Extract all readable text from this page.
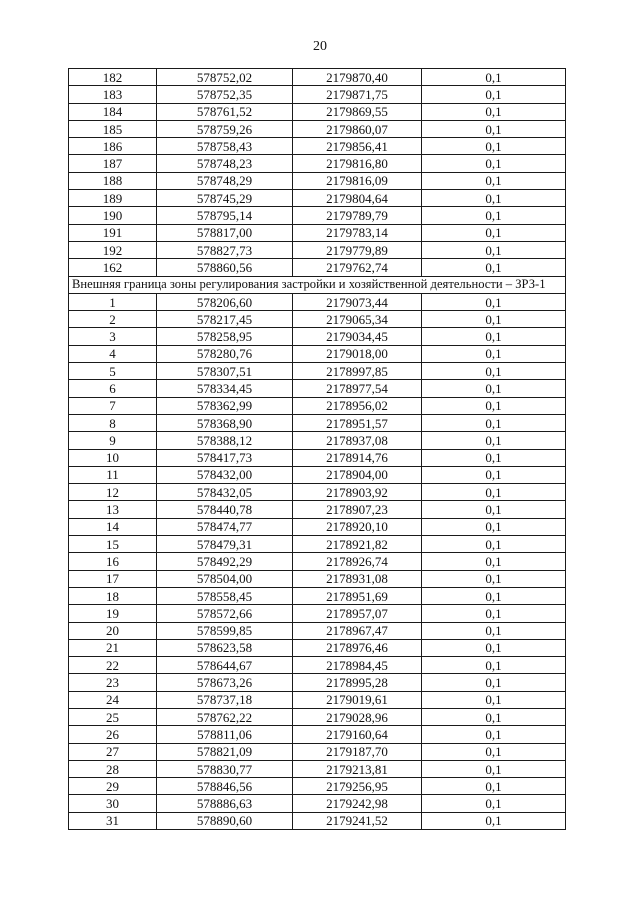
20
182	578752,02	2179870,40	0,1
183	578752,35	2179871,75	0,1
184	578761,52	2179869,55	0,1
185	578759,26	2179860,07	0,1
186	578758,43	2179856,41	0,1
187	578748,23	2179816,80	0,1
188	578748,29	2179816,09	0,1
189	578745,29	2179804,64	0,1
190	578795,14	2179789,79	0,1
191	578817,00	2179783,14	0,1
192	578827,73	2179779,89	0,1
162	578860,56	2179762,74	0,1
Внешняя граница зоны регулирования застройки и хозяйственной деятельности – ЗРЗ-1			
1	578206,60	2179073,44	0,1
2	578217,45	2179065,34	0,1
3	578258,95	2179034,45	0,1
4	578280,76	2179018,00	0,1
5	578307,51	2178997,85	0,1
6	578334,45	2178977,54	0,1
7	578362,99	2178956,02	0,1
8	578368,90	2178951,57	0,1
9	578388,12	2178937,08	0,1
10	578417,73	2178914,76	0,1
11	578432,00	2178904,00	0,1
12	578432,05	2178903,92	0,1
13	578440,78	2178907,23	0,1
14	578474,77	2178920,10	0,1
15	578479,31	2178921,82	0,1
16	578492,29	2178926,74	0,1
17	578504,00	2178931,08	0,1
18	578558,45	2178951,69	0,1
19	578572,66	2178957,07	0,1
20	578599,85	2178967,47	0,1
21	578623,58	2178976,46	0,1
22	578644,67	2178984,45	0,1
23	578673,26	2178995,28	0,1
24	578737,18	2179019,61	0,1
25	578762,22	2179028,96	0,1
26	578811,06	2179160,64	0,1
27	578821,09	2179187,70	0,1
28	578830,77	2179213,81	0,1
29	578846,56	2179256,95	0,1
30	578886,63	2179242,98	0,1
31	578890,60	2179241,52	0,1
